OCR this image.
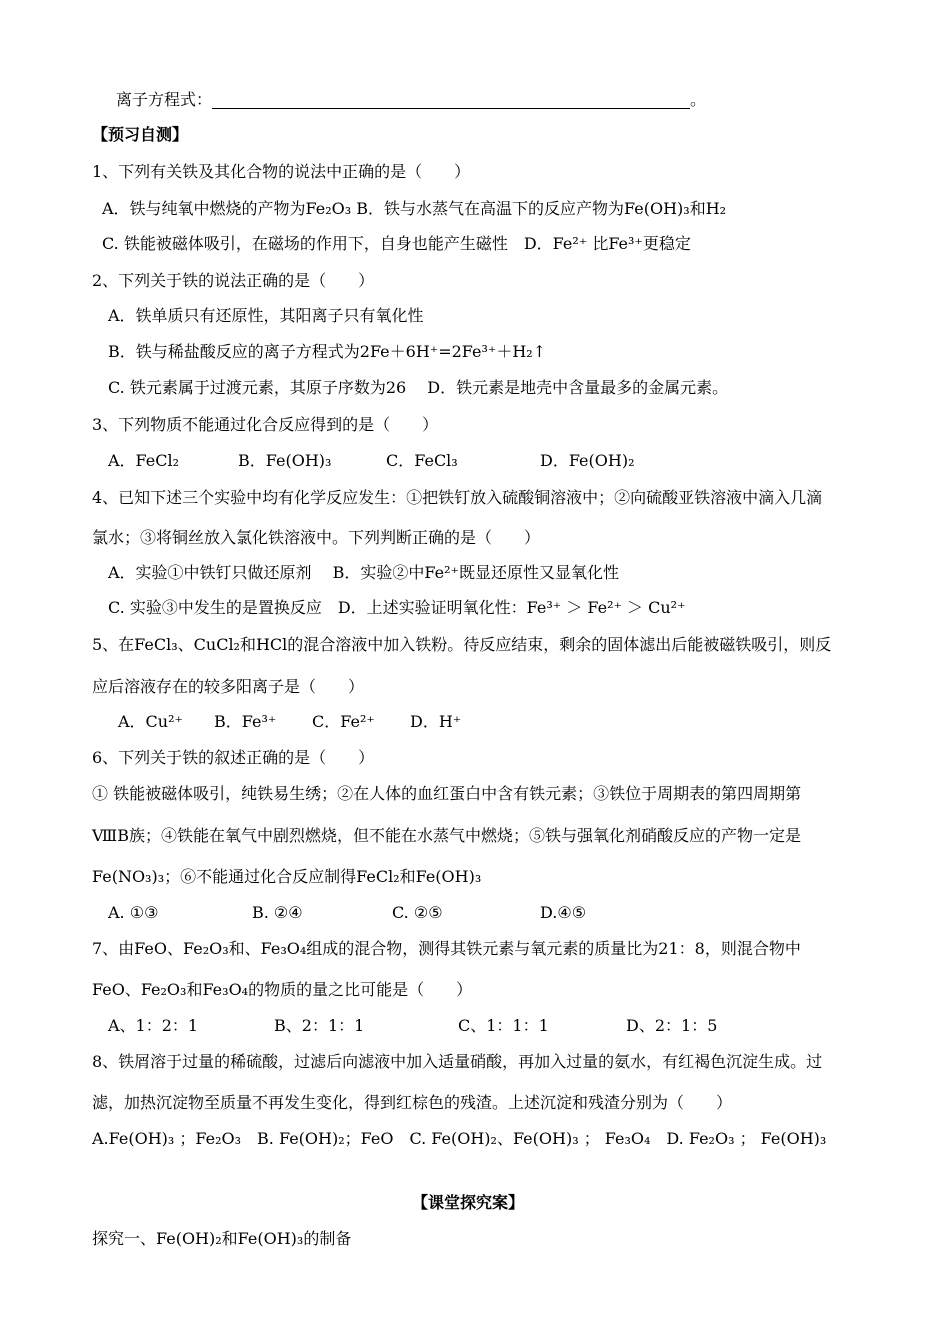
离子方程式：	。
【预习自测】
1、下列有关铁及其化合物的说法中正确的是（　　）
A．铁与纯氧中燃烧的产物为Fe₂O₃ B．铁与水蒸气在高温下的反应产物为Fe(OH)₃和H₂
C. 铁能被磁体吸引，在磁场的作用下，自身也能产生磁性　D．Fe²⁺ 比Fe³⁺更稳定
2、下列关于铁的说法正确的是（　　）
A．铁单质只有还原性，其阳离子只有氧化性
B．铁与稀盐酸反应的离子方程式为2Fe＋6H⁺=2Fe³⁺＋H₂↑
C. 铁元素属于过渡元素，其原子序数为26　 D．铁元素是地壳中含量最多的金属元素。
3、下列物质不能通过化合反应得到的是（　　）
A．FeCl₂	B．Fe(OH)₃	C．FeCl₃	D．Fe(OH)₂
4、已知下述三个实验中均有化学反应发生：①把铁钉放入硫酸铜溶液中；②向硫酸亚铁溶液中滴入几滴
氯水；③将铜丝放入氯化铁溶液中。下列判断正确的是（　　）
A．实验①中铁钉只做还原剂　 B．实验②中Fe²⁺既显还原性又显氧化性
C. 实验③中发生的是置换反应　D．上述实验证明氧化性：Fe³⁺ ＞ Fe²⁺ ＞ Cu²⁺
5、在FeCl₃、CuCl₂和HCl的混合溶液中加入铁粉。待反应结束，剩余的固体滤出后能被磁铁吸引，则反
应后溶液存在的较多阳离子是（　　）
A．Cu²⁺ B．Fe³⁺ C．Fe²⁺ D．H⁺
6、下列关于铁的叙述正确的是（　　）
① 铁能被磁体吸引，纯铁易生绣；②在人体的血红蛋白中含有铁元素；③铁位于周期表的第四周期第
ⅧB族；④铁能在氧气中剧烈燃烧，但不能在水蒸气中燃烧；⑤铁与强氧化剂硝酸反应的产物一定是
Fe(NO₃)₃；⑥不能通过化合反应制得FeCl₂和Fe(OH)₃
A. ①③	B. ②④	C. ②⑤	D.④⑤
7、由FeO、Fe₂O₃和、Fe₃O₄组成的混合物，测得其铁元素与氧元素的质量比为21：8，则混合物中
FeO、Fe₂O₃和Fe₃O₄的物质的量之比可能是（　　）
A、1：2：1	B、2：1：1	C、1：1：1	D、2：1：5
8、铁屑溶于过量的稀硫酸，过滤后向滤液中加入适量硝酸，再加入过量的氨水，有红褐色沉淀生成。过
滤，加热沉淀物至质量不再发生变化，得到红棕色的残渣。上述沉淀和残渣分别为（　　）
A.Fe(OH)₃ ；Fe₂O₃　B. Fe(OH)₂；FeO　C. Fe(OH)₂、Fe(OH)₃ ； Fe₃O₄　D. Fe₂O₃ ； Fe(OH)₃
【课堂探究案】
探究一、Fe(OH)₂和Fe(OH)₃的制备
